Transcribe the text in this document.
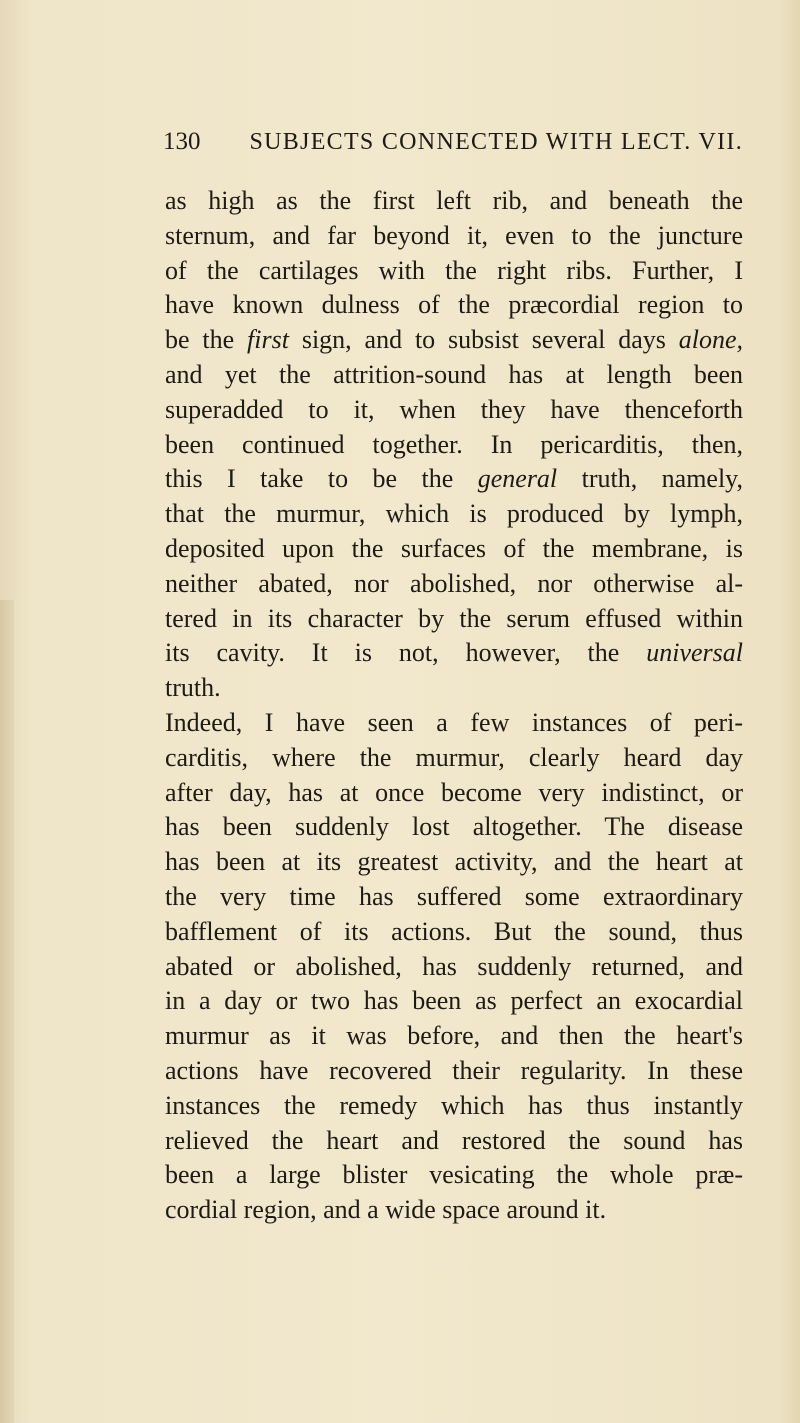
130	SUBJECTS CONNECTED WITH LECT. VII.
as high as the first left rib, and beneath the
sternum, and far beyond it, even to the juncture
of the cartilages with the right ribs. Further, I
have known dulness of the præcordial region to
be the first sign, and to subsist several days alone,
and yet the attrition-sound has at length been
superadded to it, when they have thenceforth
been continued together. In pericarditis, then,
this I take to be the general truth, namely,
that the murmur, which is produced by lymph,
deposited upon the surfaces of the membrane, is
neither abated, nor abolished, nor otherwise al-
tered in its character by the serum effused within
its cavity. It is not, however, the universal
truth.
Indeed, I have seen a few instances of peri-
carditis, where the murmur, clearly heard day
after day, has at once become very indistinct, or
has been suddenly lost altogether. The disease
has been at its greatest activity, and the heart at
the very time has suffered some extraordinary
bafflement of its actions. But the sound, thus
abated or abolished, has suddenly returned, and
in a day or two has been as perfect an exocardial
murmur as it was before, and then the heart's
actions have recovered their regularity. In these
instances the remedy which has thus instantly
relieved the heart and restored the sound has
been a large blister vesicating the whole præ-
cordial region, and a wide space around it.
